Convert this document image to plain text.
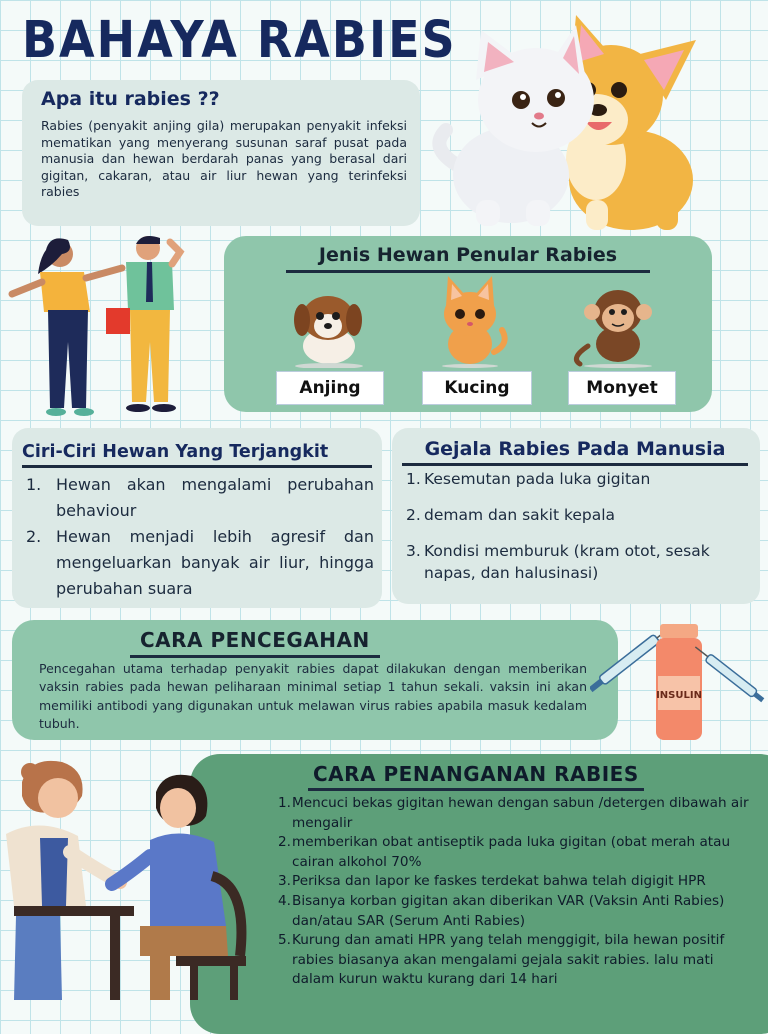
BAHAYA RABIES
Apa itu rabies ??

Rabies (penyakit anjing gila) merupakan penyakit infeksi mematikan yang menyerang susunan saraf pusat pada manusia dan hewan berdarah panas yang berasal dari gigitan, cakaran, atau air liur hewan yang terinfeksi rabies

Jenis Hewan Penular Rabies
Anjing	Kucing	Monyet
Ciri-Ciri Hewan Yang Terjangkit
1. Hewan akan mengalami perubahan behaviour
2. Hewan menjadi lebih agresif dan mengeluarkan banyak air liur, hingga perubahan suara
Gejala Rabies Pada Manusia
1. Kesemutan pada luka gigitan
2. demam dan sakit kepala
3. Kondisi memburuk (kram otot, sesak napas, dan halusinasi)
CARA PENCEGAHAN

Pencegahan utama terhadap penyakit rabies dapat dilakukan dengan memberikan vaksin rabies pada hewan peliharaan minimal setiap 1 tahun sekali. vaksin ini akan memiliki antibodi yang digunakan untuk melawan virus rabies apabila masuk kedalam tubuh.

INSULIN
CARA PENANGANAN RABIES
1. Mencuci bekas gigitan hewan dengan sabun /detergen dibawah air mengalir
2. memberikan obat antiseptik pada luka gigitan (obat merah atau cairan alkohol 70%
3. Periksa dan lapor ke faskes terdekat bahwa telah digigit HPR
4. Bisanya korban gigitan akan diberikan VAR (Vaksin Anti Rabies) dan/atau SAR (Serum Anti Rabies)
5. Kurung dan amati HPR yang telah menggigit, bila hewan positif rabies biasanya akan mengalami gejala sakit rabies. lalu mati dalam kurun waktu kurang dari 14 hari
